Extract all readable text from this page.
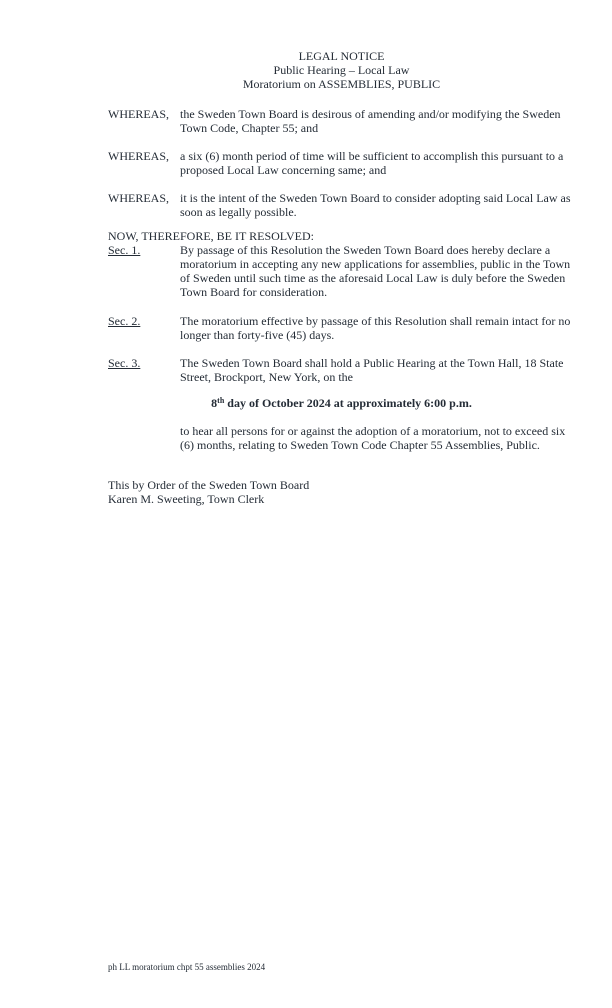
LEGAL NOTICE
Public Hearing – Local Law
Moratorium on ASSEMBLIES, PUBLIC
WHEREAS, the Sweden Town Board is desirous of amending and/or modifying the Sweden Town Code, Chapter 55; and
WHEREAS, a six (6) month period of time will be sufficient to accomplish this pursuant to a proposed Local Law concerning same; and
WHEREAS, it is the intent of the Sweden Town Board to consider adopting said Local Law as soon as legally possible.
NOW, THEREFORE, BE IT RESOLVED:
Sec. 1.	By passage of this Resolution the Sweden Town Board does hereby declare a moratorium in accepting any new applications for assemblies, public in the Town of Sweden until such time as the aforesaid Local Law is duly before the Sweden Town Board for consideration.
Sec. 2.	The moratorium effective by passage of this Resolution shall remain intact for no longer than forty-five (45) days.
Sec. 3.	The Sweden Town Board shall hold a Public Hearing at the Town Hall, 18 State Street, Brockport, New York, on the
8th day of October 2024 at approximately 6:00 p.m.
to hear all persons for or against the adoption of a moratorium, not to exceed six (6) months, relating to Sweden Town Code Chapter 55 Assemblies, Public.
This by Order of the Sweden Town Board
Karen M. Sweeting, Town Clerk
ph LL moratorium chpt 55 assemblies 2024
